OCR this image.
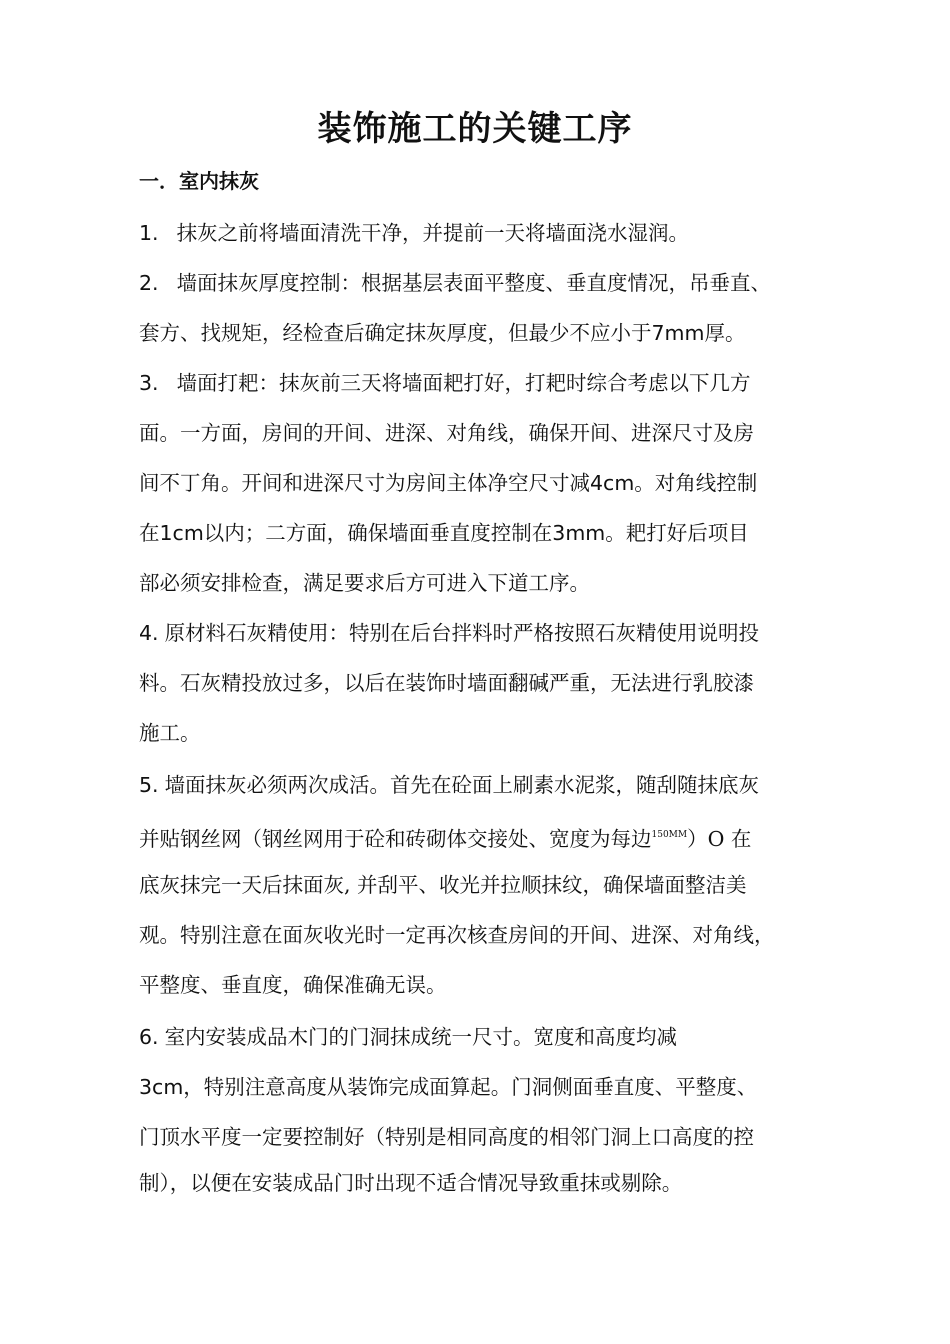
装饰施工的关键工序
一．室内抹灰
1. 抹灰之前将墙面清洗干净，并提前一天将墙面浇水湿润。
2. 墙面抹灰厚度控制：根据基层表面平整度、垂直度情况，吊垂直、
套方、找规矩，经检查后确定抹灰厚度，但最少不应小于7mm厚。
3. 墙面打耙：抹灰前三天将墙面耙打好，打耙时综合考虑以下几方
面。一方面，房间的开间、进深、对角线，确保开间、进深尺寸及房
间不丁角。开间和进深尺寸为房间主体净空尺寸减4cm。对角线控制
在1cm以内；二方面，确保墙面垂直度控制在3mm。耙打好后项目
部必须安排检查，满足要求后方可进入下道工序。
4. 原材料石灰精使用：特别在后台拌料时严格按照石灰精使用说明投
料。石灰精投放过多，以后在装饰时墙面翻碱严重，无法进行乳胶漆
施工。
5. 墙面抹灰必须两次成活。首先在砼面上刷素水泥浆，随刮随抹底灰
并贴钢丝网（钢丝网用于砼和砖砌体交接处、宽度为每边$^{150MM}$）O 在
底灰抹完一天后抹面灰, 并刮平、收光并拉顺抹纹，确保墙面整洁美
观。特别注意在面灰收光时一定再次核查房间的开间、进深、对角线，
平整度、垂直度，确保准确无误。
6. 室内安装成品木门的门洞抹成统一尺寸。宽度和高度均减
3cm，特别注意高度从装饰完成面算起。门洞侧面垂直度、平整度、
门顶水平度一定要控制好（特别是相同高度的相邻门洞上口高度的控
制），以便在安装成品门时出现不适合情况导致重抹或剔除。
